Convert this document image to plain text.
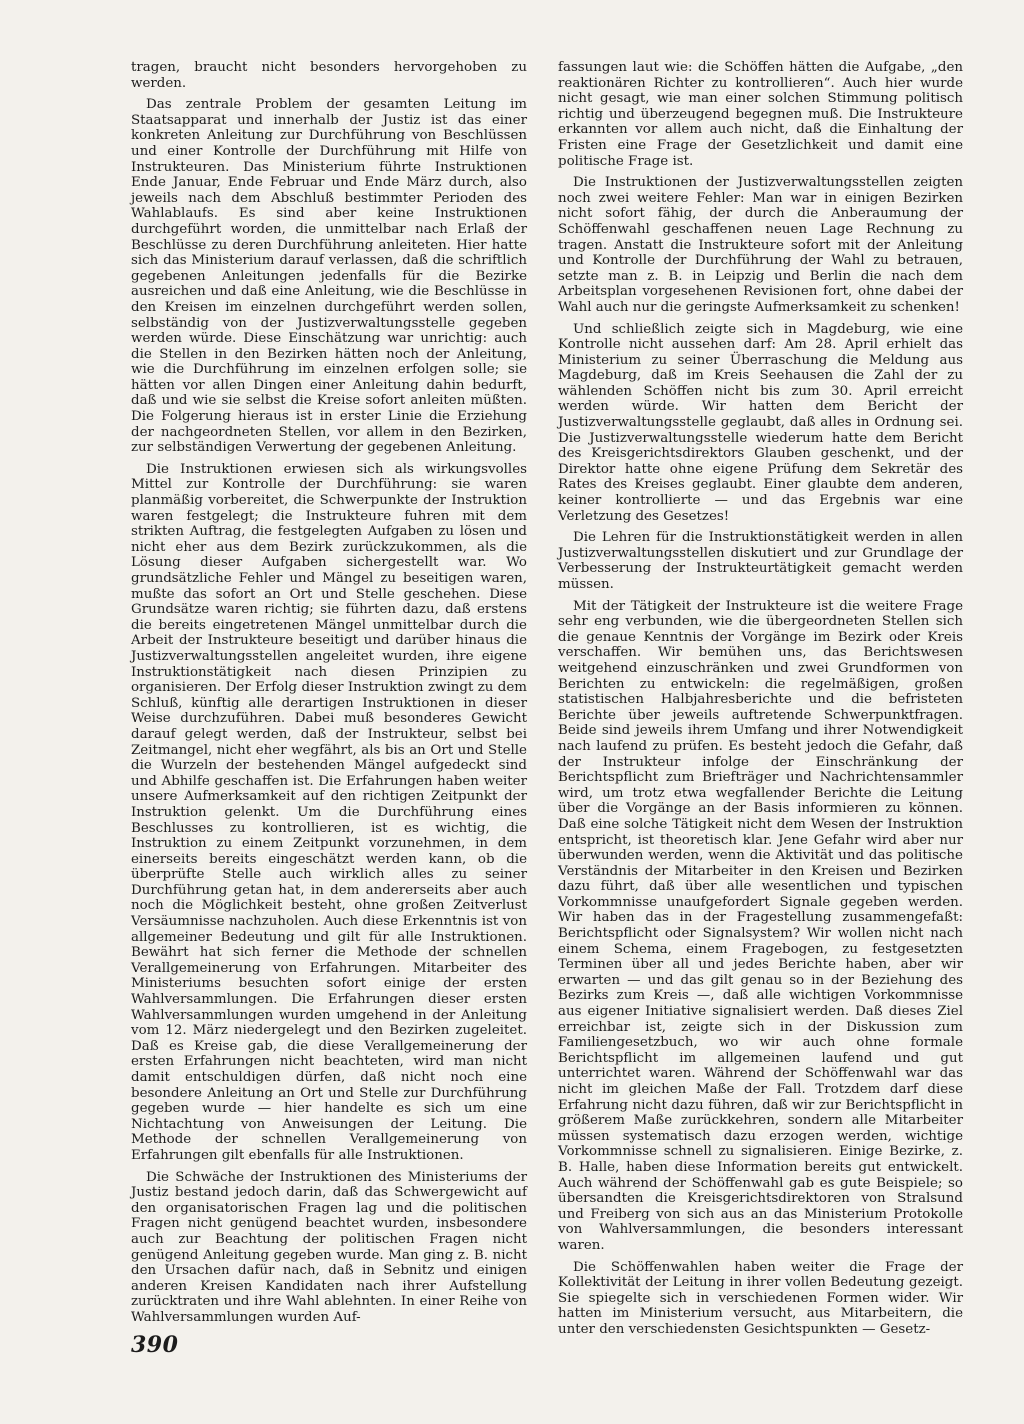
tragen, braucht nicht besonders hervorgehoben zu werden.

Das zentrale Problem der gesamten Leitung im Staatsapparat und innerhalb der Justiz ist das einer konkreten Anleitung zur Durchführung von Beschlüssen und einer Kontrolle der Durchführung mit Hilfe von Instrukteuren. Das Ministerium führte Instruktionen Ende Januar, Ende Februar und Ende März durch, also jeweils nach dem Abschluß bestimmter Perioden des Wahlablaufs. Es sind aber keine Instruktionen durchgeführt worden, die unmittelbar nach Erlaß der Beschlüsse zu deren Durchführung anleiteten. Hier hatte sich das Ministerium darauf verlassen, daß die schriftlich gegebenen Anleitungen jedenfalls für die Bezirke ausreichen und daß eine Anleitung, wie die Beschlüsse in den Kreisen im einzelnen durchgeführt werden sollen, selbständig von der Justizverwaltungsstelle gegeben werden würde. Diese Einschätzung war unrichtig: auch die Stellen in den Bezirken hätten noch der Anleitung, wie die Durchführung im einzelnen erfolgen solle; sie hätten vor allen Dingen einer Anleitung dahin bedurft, daß und wie sie selbst die Kreise sofort anleiten müßten. Die Folgerung hieraus ist in erster Linie die Erziehung der nachgeordneten Stellen, vor allem in den Bezirken, zur selbständigen Verwertung der gegebenen Anleitung.

Die Instruktionen erwiesen sich als wirkungsvolles Mittel zur Kontrolle der Durchführung: sie waren planmäßig vorbereitet, die Schwerpunkte der Instruktion waren festgelegt; die Instrukteure fuhren mit dem strikten Auftrag, die festgelegten Aufgaben zu lösen und nicht eher aus dem Bezirk zurückzukommen, als die Lösung dieser Aufgaben sichergestellt war. Wo grundsätzliche Fehler und Mängel zu beseitigen waren, mußte das sofort an Ort und Stelle geschehen. Diese Grundsätze waren richtig; sie führten dazu, daß erstens die bereits eingetretenen Mängel unmittelbar durch die Arbeit der Instrukteure beseitigt und darüber hinaus die Justizverwaltungsstellen angeleitet wurden, ihre eigene Instruktionstätigkeit nach diesen Prinzipien zu organisieren. Der Erfolg dieser Instruktion zwingt zu dem Schluß, künftig alle derartigen Instruktionen in dieser Weise durchzuführen. Dabei muß besonderes Gewicht darauf gelegt werden, daß der Instrukteur, selbst bei Zeitmangel, nicht eher wegfährt, als bis an Ort und Stelle die Wurzeln der bestehenden Mängel aufgedeckt sind und Abhilfe geschaffen ist. Die Erfahrungen haben weiter unsere Aufmerksamkeit auf den richtigen Zeitpunkt der Instruktion gelenkt. Um die Durchführung eines Beschlusses zu kontrollieren, ist es wichtig, die Instruktion zu einem Zeitpunkt vorzunehmen, in dem einerseits bereits eingeschätzt werden kann, ob die überprüfte Stelle auch wirklich alles zu seiner Durchführung getan hat, in dem andererseits aber auch noch die Möglichkeit besteht, ohne großen Zeitverlust Versäumnisse nachzuholen. Auch diese Erkenntnis ist von allgemeiner Bedeutung und gilt für alle Instruktionen. Bewährt hat sich ferner die Methode der schnellen Verallgemeinerung von Erfahrungen. Mitarbeiter des Ministeriums besuchten sofort einige der ersten Wahlversammlungen. Die Erfahrungen dieser ersten Wahlversammlungen wurden umgehend in der Anleitung vom 12. März niedergelegt und den Bezirken zugeleitet. Daß es Kreise gab, die diese Verallgemeinerung der ersten Erfahrungen nicht beachteten, wird man nicht damit entschuldigen dürfen, daß nicht noch eine besondere Anleitung an Ort und Stelle zur Durchführung gegeben wurde — hier handelte es sich um eine Nichtachtung von Anweisungen der Leitung. Die Methode der schnellen Verallgemeinerung von Erfahrungen gilt ebenfalls für alle Instruktionen.

Die Schwäche der Instruktionen des Ministeriums der Justiz bestand jedoch darin, daß das Schwergewicht auf den organisatorischen Fragen lag und die politischen Fragen nicht genügend beachtet wurden, insbesondere auch zur Beachtung der politischen Fragen nicht genügend Anleitung gegeben wurde. Man ging z. B. nicht den Ursachen dafür nach, daß in Sebnitz und einigen anderen Kreisen Kandidaten nach ihrer Aufstellung zurücktraten und ihre Wahl ablehnten. In einer Reihe von Wahlversammlungen wurden Auf-

fassungen laut wie: die Schöffen hätten die Aufgabe, „den reaktionären Richter zu kontrollieren“. Auch hier wurde nicht gesagt, wie man einer solchen Stimmung politisch richtig und überzeugend begegnen muß. Die Instrukteure erkannten vor allem auch nicht, daß die Einhaltung der Fristen eine Frage der Gesetzlichkeit und damit eine politische Frage ist.

Die Instruktionen der Justizverwaltungsstellen zeigten noch zwei weitere Fehler: Man war in einigen Bezirken nicht sofort fähig, der durch die Anberaumung der Schöffenwahl geschaffenen neuen Lage Rechnung zu tragen. Anstatt die Instrukteure sofort mit der Anleitung und Kontrolle der Durchführung der Wahl zu betrauen, setzte man z. B. in Leipzig und Berlin die nach dem Arbeitsplan vorgesehenen Revisionen fort, ohne dabei der Wahl auch nur die geringste Aufmerksamkeit zu schenken!

Und schließlich zeigte sich in Magdeburg, wie eine Kontrolle nicht aussehen darf: Am 28. April erhielt das Ministerium zu seiner Überraschung die Meldung aus Magdeburg, daß im Kreis Seehausen die Zahl der zu wählenden Schöffen nicht bis zum 30. April erreicht werden würde. Wir hatten dem Bericht der Justizverwaltungsstelle geglaubt, daß alles in Ordnung sei. Die Justizverwaltungsstelle wiederum hatte dem Bericht des Kreisgerichtsdirektors Glauben geschenkt, und der Direktor hatte ohne eigene Prüfung dem Sekretär des Rates des Kreises geglaubt. Einer glaubte dem anderen, keiner kontrollierte — und das Ergebnis war eine Verletzung des Gesetzes!

Die Lehren für die Instruktionstätigkeit werden in allen Justizverwaltungsstellen diskutiert und zur Grundlage der Verbesserung der Instrukteurtätigkeit gemacht werden müssen.

Mit der Tätigkeit der Instrukteure ist die weitere Frage sehr eng verbunden, wie die übergeordneten Stellen sich die genaue Kenntnis der Vorgänge im Bezirk oder Kreis verschaffen. Wir bemühen uns, das Berichtswesen weitgehend einzuschränken und zwei Grundformen von Berichten zu entwickeln: die regelmäßigen, großen statistischen Halbjahresberichte und die befristeten Berichte über jeweils auftretende Schwerpunktfragen. Beide sind jeweils ihrem Umfang und ihrer Notwendigkeit nach laufend zu prüfen. Es besteht jedoch die Gefahr, daß der Instrukteur infolge der Einschränkung der Berichtspflicht zum Briefträger und Nachrichtensammler wird, um trotz etwa wegfallender Berichte die Leitung über die Vorgänge an der Basis informieren zu können. Daß eine solche Tätigkeit nicht dem Wesen der Instruktion entspricht, ist theoretisch klar. Jene Gefahr wird aber nur überwunden werden, wenn die Aktivität und das politische Verständnis der Mitarbeiter in den Kreisen und Bezirken dazu führt, daß über alle wesentlichen und typischen Vorkommnisse unaufgefordert Signale gegeben werden. Wir haben das in der Fragestellung zusammengefaßt: Berichtspflicht oder Signalsystem? Wir wollen nicht nach einem Schema, einem Fragebogen, zu festgesetzten Terminen über all und jedes Berichte haben, aber wir erwarten — und das gilt genau so in der Beziehung des Bezirks zum Kreis —, daß alle wichtigen Vorkommnisse aus eigener Initiative signalisiert werden. Daß dieses Ziel erreichbar ist, zeigte sich in der Diskussion zum Familiengesetzbuch, wo wir auch ohne formale Berichtspflicht im allgemeinen laufend und gut unterrichtet waren. Während der Schöffenwahl war das nicht im gleichen Maße der Fall. Trotzdem darf diese Erfahrung nicht dazu führen, daß wir zur Berichtspflicht in größerem Maße zurückkehren, sondern alle Mitarbeiter müssen systematisch dazu erzogen werden, wichtige Vorkommnisse schnell zu signalisieren. Einige Bezirke, z. B. Halle, haben diese Information bereits gut entwickelt. Auch während der Schöffenwahl gab es gute Beispiele; so übersandten die Kreisgerichtsdirektoren von Stralsund und Freiberg von sich aus an das Ministerium Protokolle von Wahlversammlungen, die besonders interessant waren.

Die Schöffenwahlen haben weiter die Frage der Kollektivität der Leitung in ihrer vollen Bedeutung gezeigt. Sie spiegelte sich in verschiedenen Formen wider. Wir hatten im Ministerium versucht, aus Mitarbeitern, die unter den verschiedensten Gesichtspunkten — Gesetz-

390
